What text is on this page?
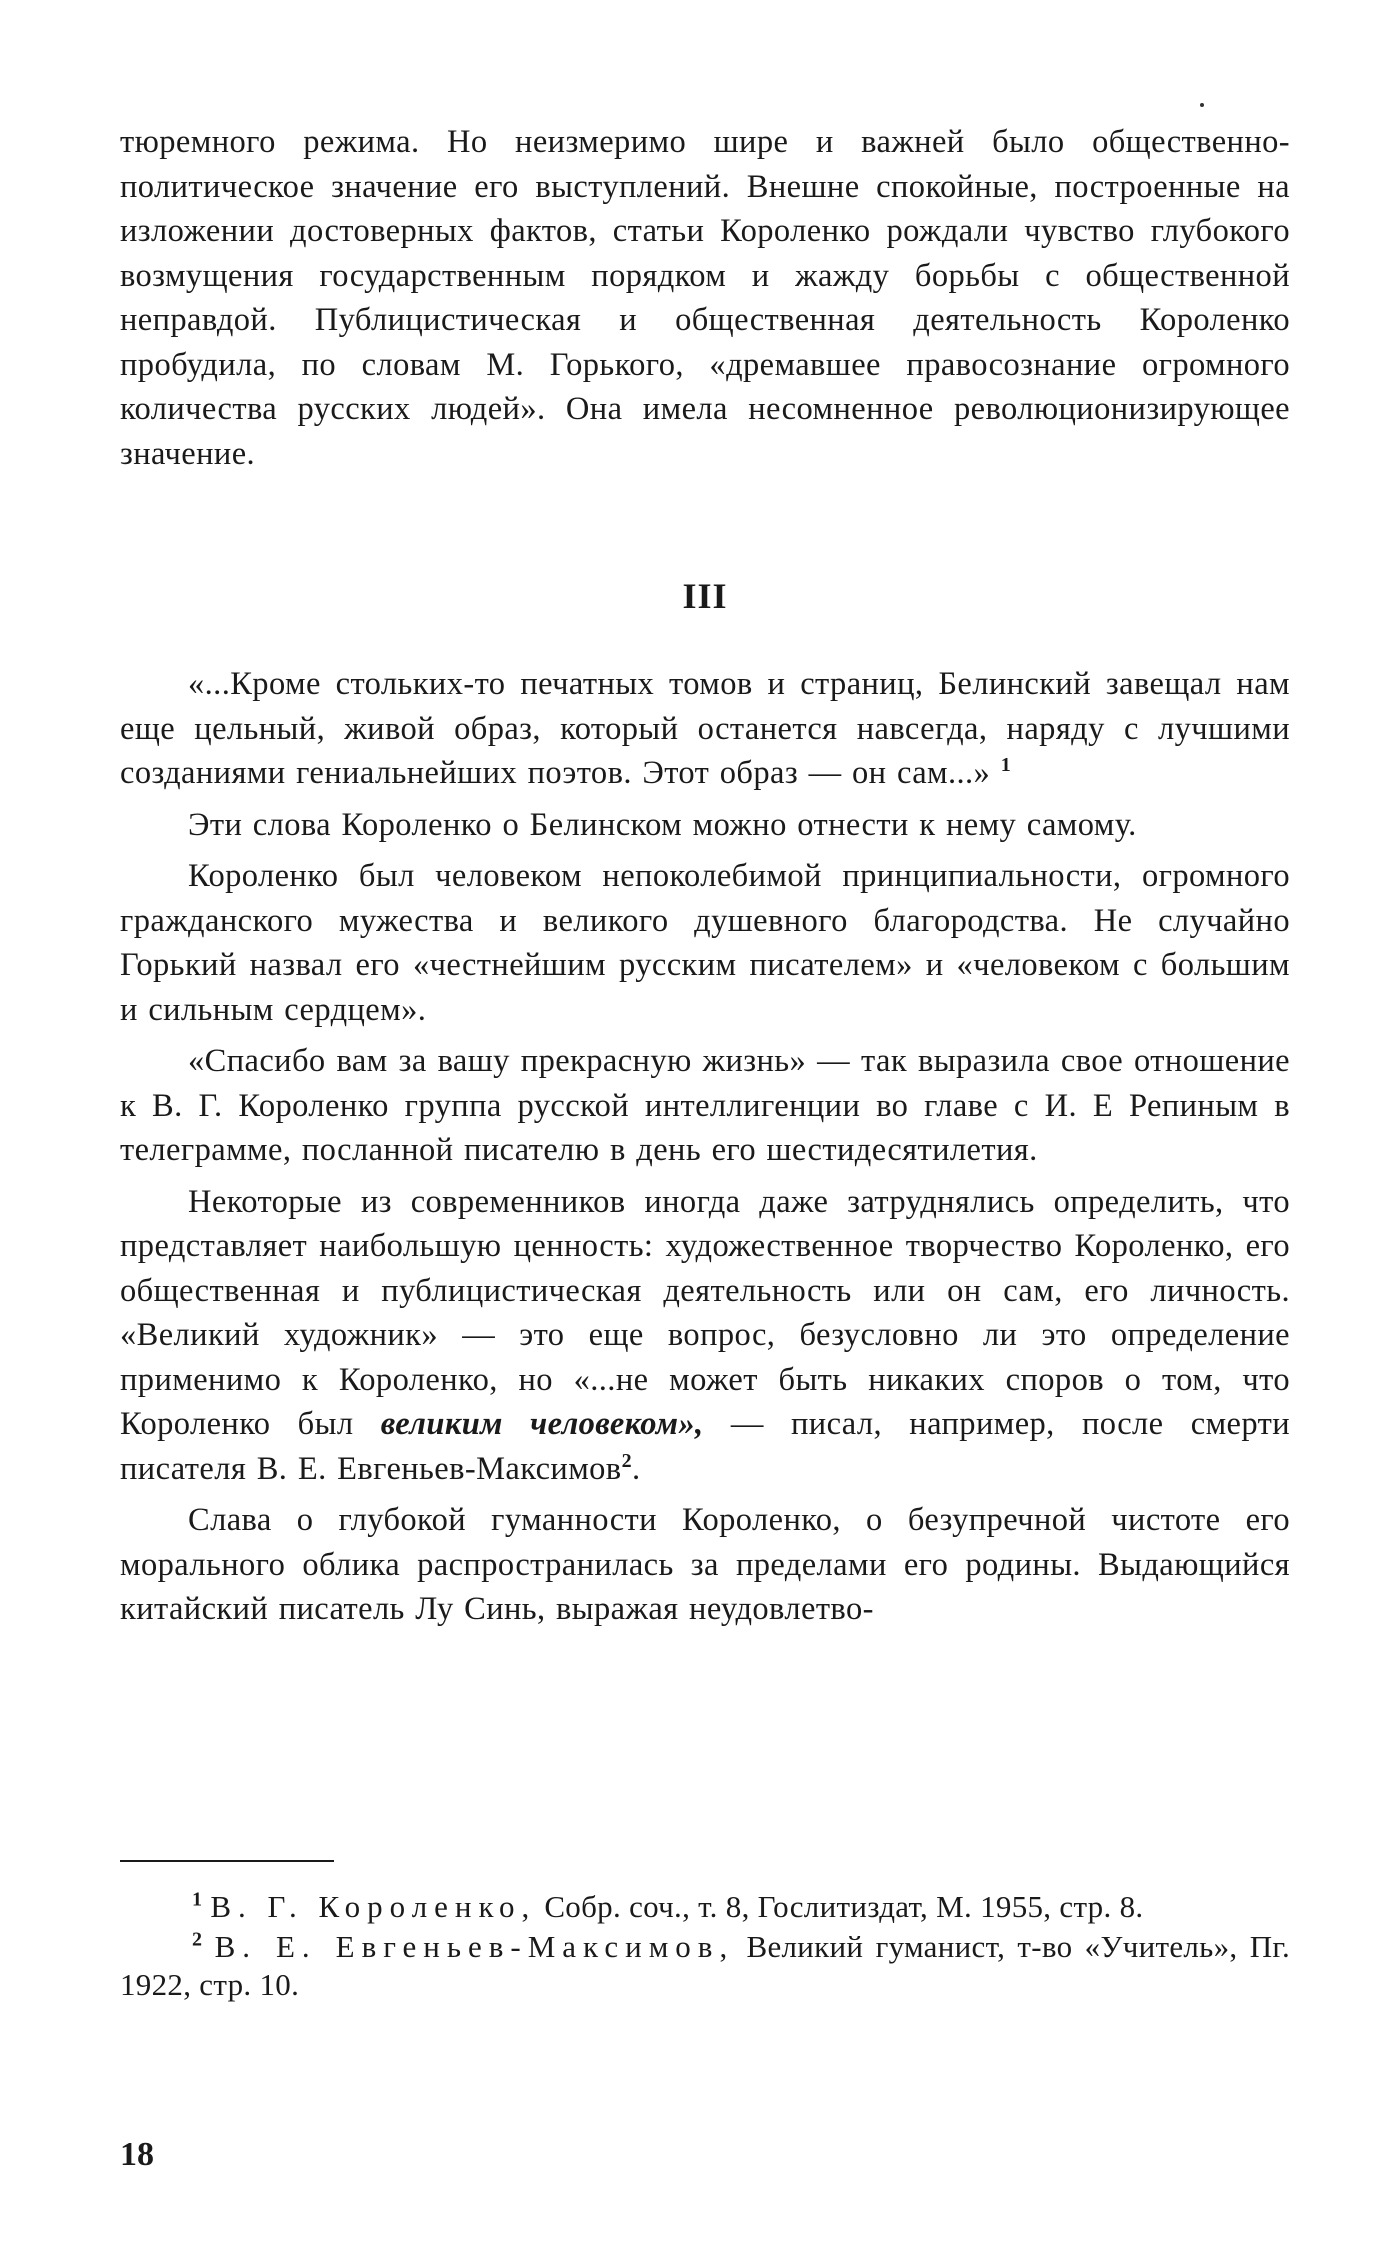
тюремного режима. Но неизмеримо шире и важней было общественно-политическое значение его выступлений. Внешне спокойные, построенные на изложении достоверных фактов, статьи Короленко рождали чувство глубокого возмущения государственным порядком и жажду борьбы с общественной неправдой. Публицистическая и общественная деятельность Короленко пробудила, по словам М. Горького, «дремавшее правосознание огромного количества русских людей». Она имела несомненное революционизирующее значение.

III

«...Кроме стольких-то печатных томов и страниц, Белинский завещал нам еще цельный, живой образ, который останется навсегда, наряду с лучшими созданиями гениальнейших поэтов. Этот образ — он сам...» $^1$

Эти слова Короленко о Белинском можно отнести к нему самому.

Короленко был человеком непоколебимой принципиальности, огромного гражданского мужества и великого душевного благородства. Не случайно Горький назвал его «честнейшим русским писателем» и «человеком с большим и сильным сердцем».

«Спасибо вам за вашу прекрасную жизнь» — так выразила свое отношение к В. Г. Короленко группа русской интеллигенции во главе с И. Е Репиным в телеграмме, посланной писателю в день его шестидесятилетия.

Некоторые из современников иногда даже затруднялись определить, что представляет наибольшую ценность: художественное творчество Короленко, его общественная и публицистическая деятельность или он сам, его личность. «Великий художник» — это еще вопрос, безусловно ли это определение применимо к Короленко, но «...не может быть никаких споров о том, что Короленко был великим человеком», — писал, например, после смерти писателя В. Е. Евгеньев-Максимов$^2$.

Слава о глубокой гуманности Короленко, о безупречной чистоте его морального облика распространилась за пределами его родины. Выдающийся китайский писатель Лу Синь, выражая неудовлетво-

$^1$ В. Г. Короленко, Собр. соч., т. 8, Гослитиздат, М. 1955, стр. 8.

$^2$ В. Е. Евгеньев-Максимов, Великий гуманист, т-во «Учитель», Пг. 1922, стр. 10.

18
